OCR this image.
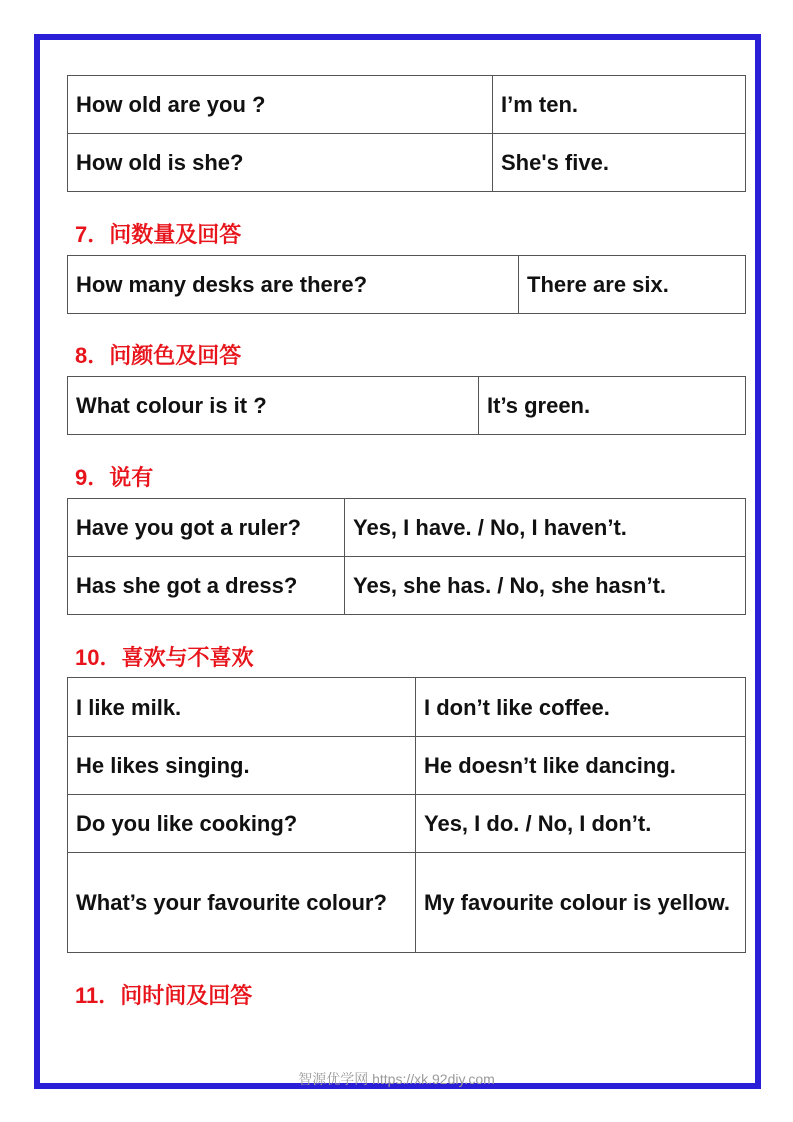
How old are you ?	I’m ten.
How old is she?	She's five.
7．问数量及回答
How many desks are there?	There are six.
8．问颜色及回答
What colour is it ?	It’s green.
9．说有
Have you got a ruler?	Yes, I have. / No, I haven’t.
Has she got a dress?	Yes, she has. / No, she hasn’t.
10．喜欢与不喜欢
I like milk.	I don’t like coffee.
He likes singing.	He doesn’t like dancing.
Do you like cooking?	Yes, I do. / No, I don’t.
What’s your favourite colour?	My favourite colour is yellow.
11．问时间及回答
智源优学网 https://xk.92diy.com
